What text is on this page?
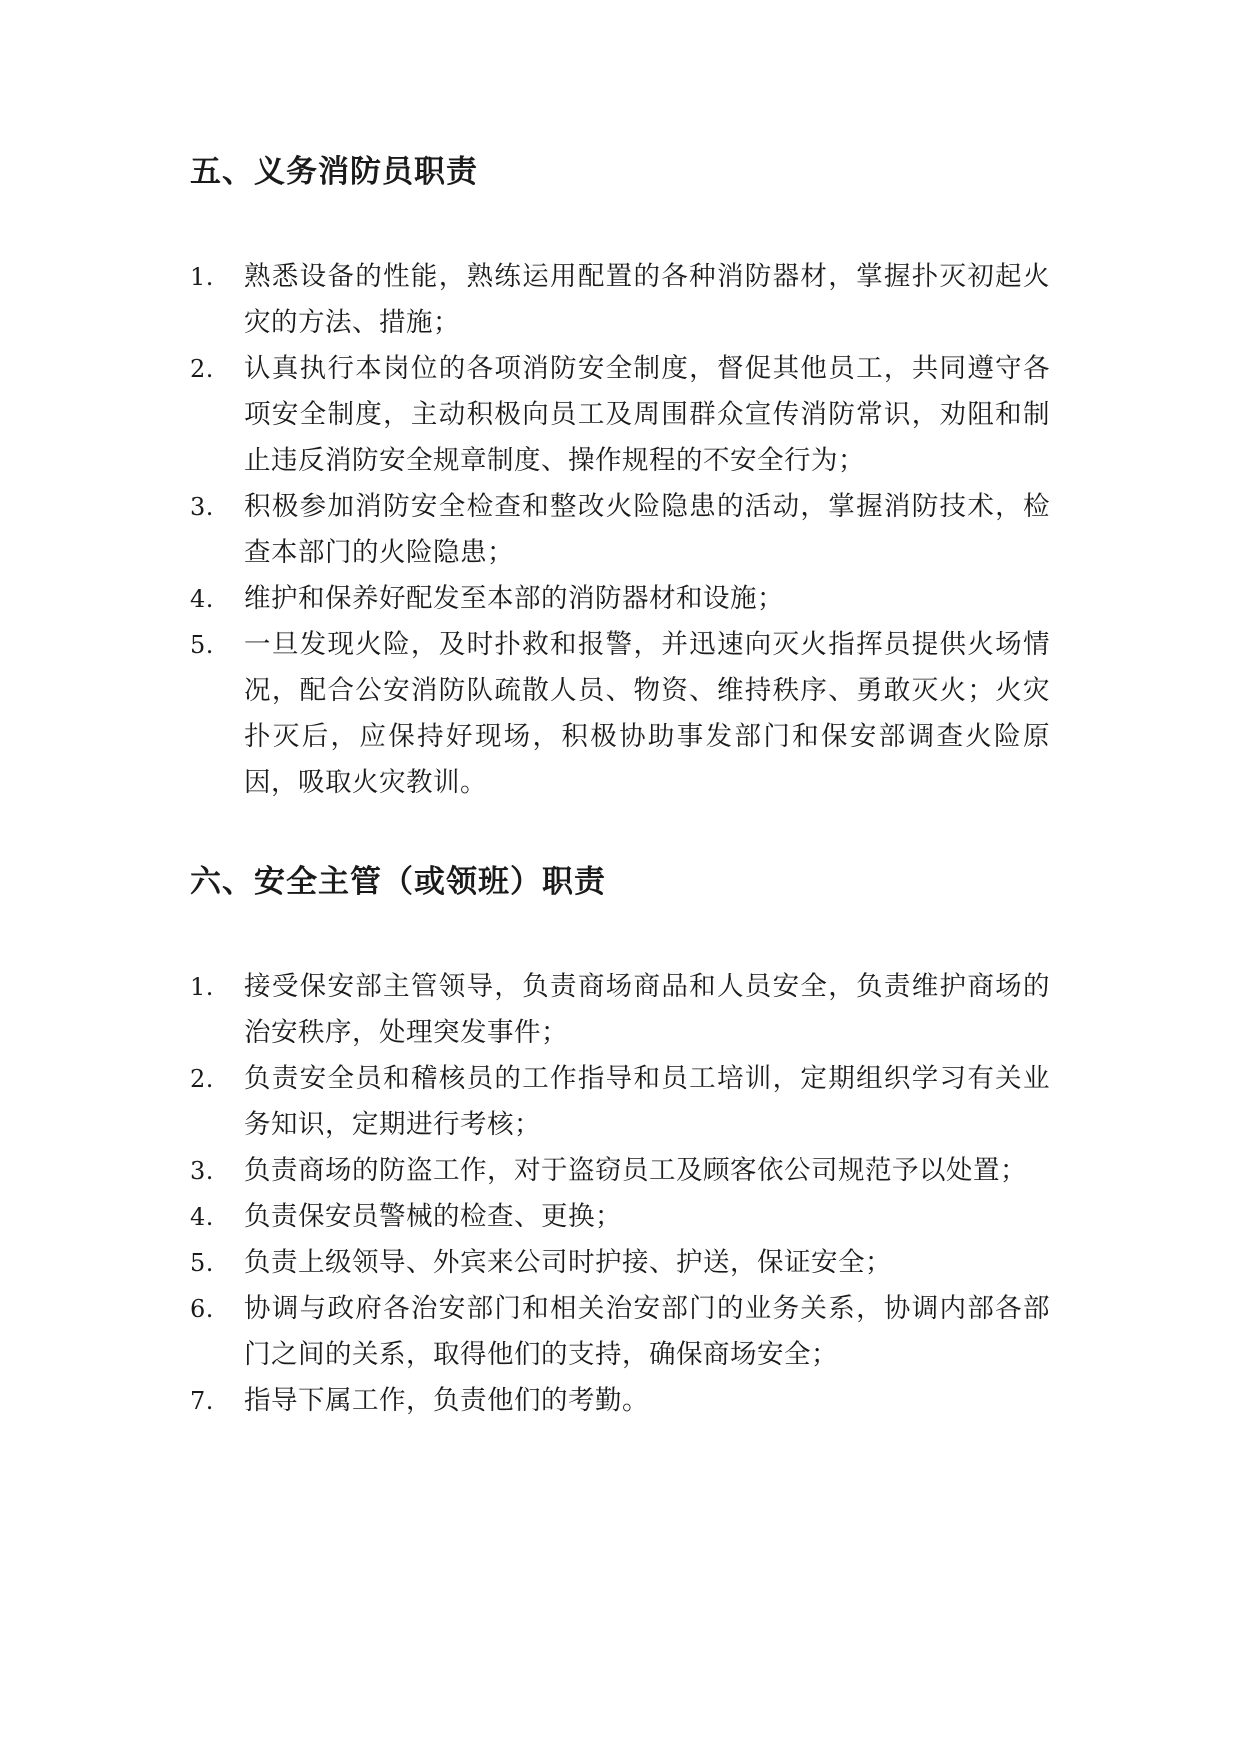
五、义务消防员职责
1.	熟悉设备的性能，熟练运用配置的各种消防器材，掌握扑灭初起火灾的方法、措施；
2.	认真执行本岗位的各项消防安全制度，督促其他员工，共同遵守各项安全制度，主动积极向员工及周围群众宣传消防常识，劝阻和制止违反消防安全规章制度、操作规程的不安全行为；
3.	积极参加消防安全检查和整改火险隐患的活动，掌握消防技术，检查本部门的火险隐患；
4.	维护和保养好配发至本部的消防器材和设施；
5.	一旦发现火险，及时扑救和报警，并迅速向灭火指挥员提供火场情况，配合公安消防队疏散人员、物资、维持秩序、勇敢灭火；火灾扑灭后，应保持好现场，积极协助事发部门和保安部调查火险原因，吸取火灾教训。
六、安全主管（或领班）职责
1.	接受保安部主管领导，负责商场商品和人员安全，负责维护商场的治安秩序，处理突发事件；
2.	负责安全员和稽核员的工作指导和员工培训，定期组织学习有关业务知识，定期进行考核；
3.	负责商场的防盗工作，对于盗窃员工及顾客依公司规范予以处置；
4.	负责保安员警械的检查、更换；
5.	负责上级领导、外宾来公司时护接、护送，保证安全；
6.	协调与政府各治安部门和相关治安部门的业务关系，协调内部各部门之间的关系，取得他们的支持，确保商场安全；
7.	指导下属工作，负责他们的考勤。
